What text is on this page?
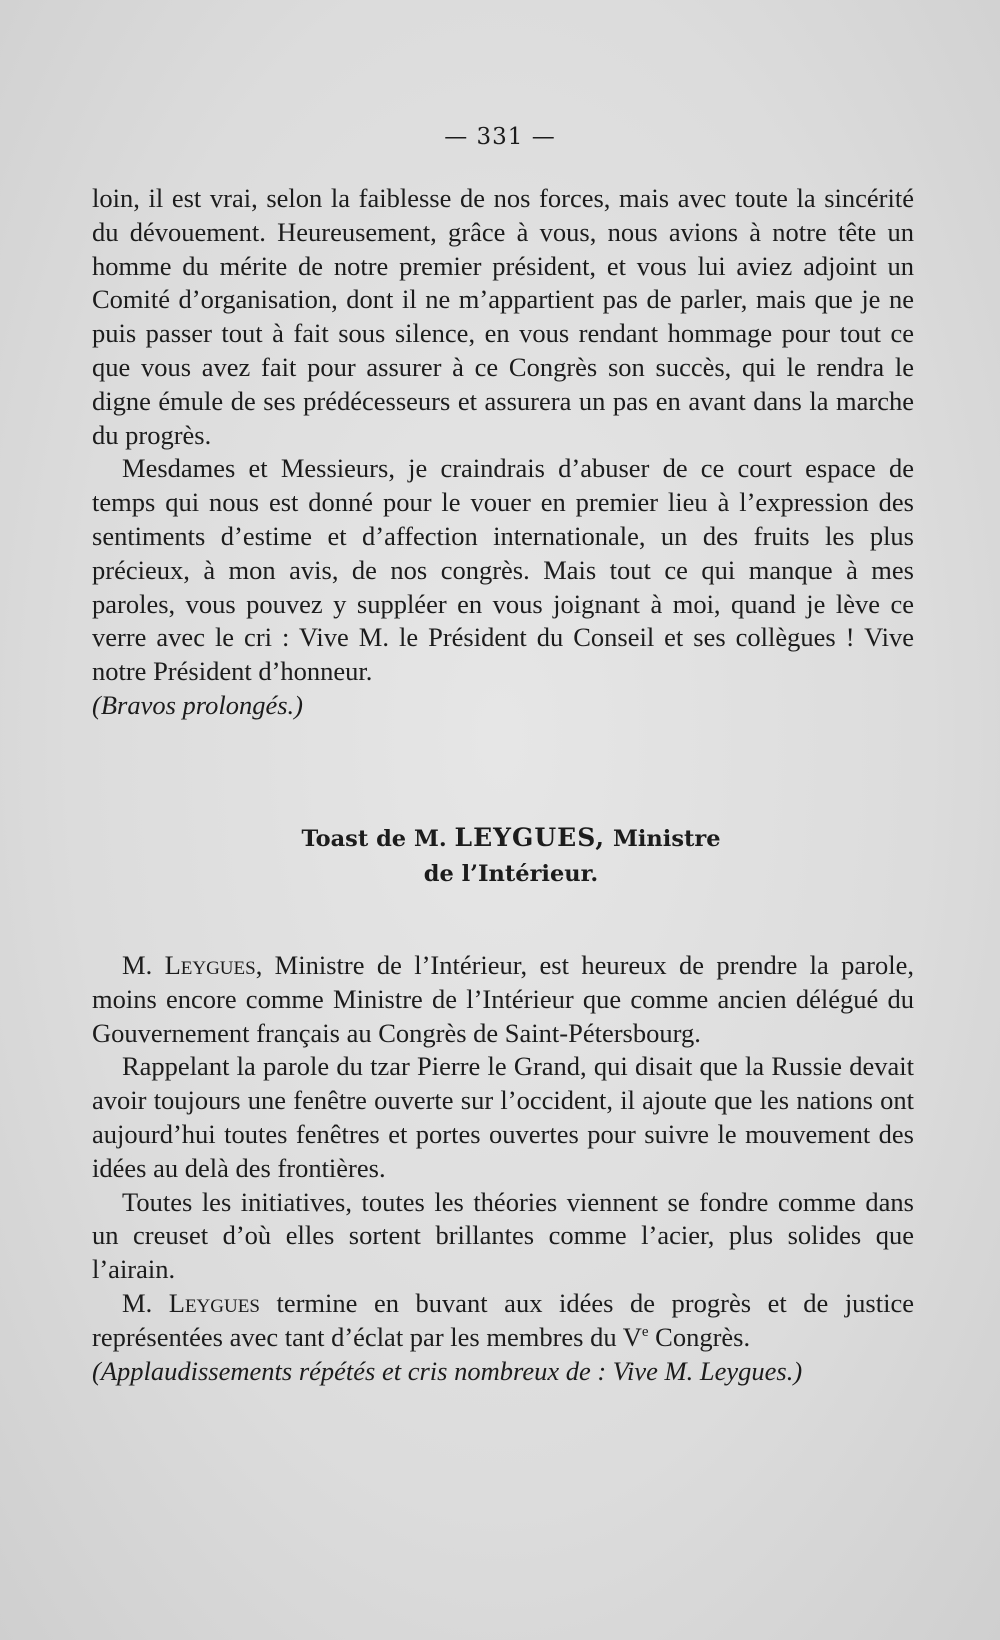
— 331 —

loin, il est vrai, selon la faiblesse de nos forces, mais avec toute la sincérité du dévouement. Heureusement, grâce à vous, nous avions à notre tête un homme du mérite de notre premier président, et vous lui aviez adjoint un Comité d’organisation, dont il ne m’appartient pas de parler, mais que je ne puis passer tout à fait sous silence, en vous rendant hommage pour tout ce que vous avez fait pour assurer à ce Congrès son succès, qui le rendra le digne émule de ses prédécesseurs et assurera un pas en avant dans la marche du progrès.

Mesdames et Messieurs, je craindrais d’abuser de ce court espace de temps qui nous est donné pour le vouer en premier lieu à l’expression des sentiments d’estime et d’affection internationale, un des fruits les plus précieux, à mon avis, de nos congrès. Mais tout ce qui manque à mes paroles, vous pouvez y suppléer en vous joignant à moi, quand je lève ce verre avec le cri : Vive M. le Président du Conseil et ses collègues ! Vive notre Président d’honneur.
(Bravos prolongés.)

Toast de M. LEYGUES, Ministre
de l’Intérieur.

M. Leygues, Ministre de l’Intérieur, est heureux de prendre la parole, moins encore comme Ministre de l’Intérieur que comme ancien délégué du Gouvernement français au Congrès de Saint-Pétersbourg.

Rappelant la parole du tzar Pierre le Grand, qui disait que la Russie devait avoir toujours une fenêtre ouverte sur l’occident, il ajoute que les nations ont aujourd’hui toutes fenêtres et portes ouvertes pour suivre le mouvement des idées au delà des frontières.

Toutes les initiatives, toutes les théories viennent se fondre comme dans un creuset d’où elles sortent brillantes comme l’acier, plus solides que l’airain.

M. Leygues termine en buvant aux idées de progrès et de justice représentées avec tant d’éclat par les membres du Ve Congrès.
(Applaudissements répétés et cris nombreux de : Vive M. Leygues.)
